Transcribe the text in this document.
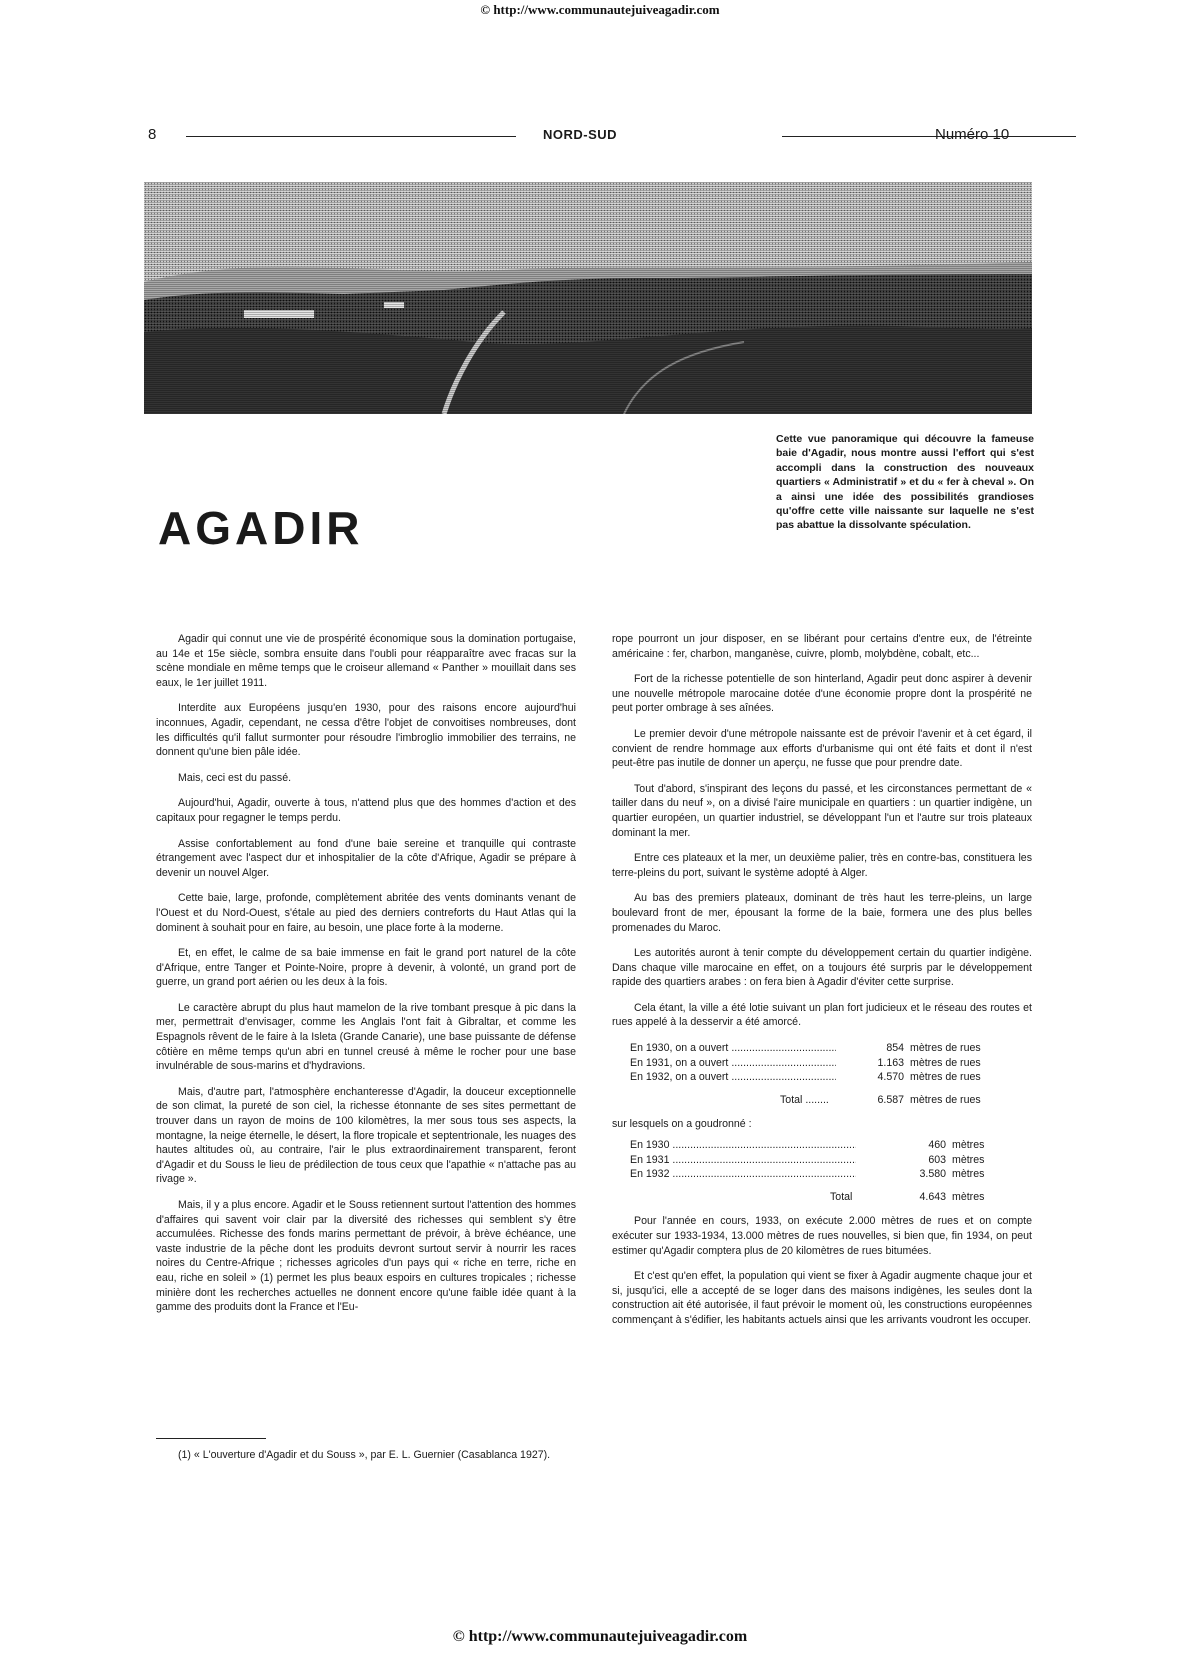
© http://www.communautejuiveagadir.com
8	NORD-SUD	Numéro 10
Cette vue panoramique qui découvre la fameuse baie d'Agadir, nous montre aussi l'effort qui s'est accompli dans la construction des nouveaux quartiers « Administratif » et du « fer à cheval ». On a ainsi une idée des possibilités grandioses qu'offre cette ville naissante sur laquelle ne s'est pas abattue la dissolvante spéculation.
AGADIR

Agadir qui connut une vie de prospérité économique sous la domination portugaise, au 14e et 15e siècle, sombra ensuite dans l'oubli pour réapparaître avec fracas sur la scène mondiale en même temps que le croiseur allemand « Panther » mouillait dans ses eaux, le 1er juillet 1911.

Interdite aux Européens jusqu'en 1930, pour des raisons encore aujourd'hui inconnues, Agadir, cependant, ne cessa d'être l'objet de convoitises nombreuses, dont les difficultés qu'il fallut surmonter pour résoudre l'imbroglio immobilier des terrains, ne donnent qu'une bien pâle idée.

Mais, ceci est du passé.

Aujourd'hui, Agadir, ouverte à tous, n'attend plus que des hommes d'action et des capitaux pour regagner le temps perdu.

Assise confortablement au fond d'une baie sereine et tranquille qui contraste étrangement avec l'aspect dur et inhospitalier de la côte d'Afrique, Agadir se prépare à devenir un nouvel Alger.

Cette baie, large, profonde, complètement abritée des vents dominants venant de l'Ouest et du Nord-Ouest, s'étale au pied des derniers contreforts du Haut Atlas qui la dominent à souhait pour en faire, au besoin, une place forte à la moderne.

Et, en effet, le calme de sa baie immense en fait le grand port naturel de la côte d'Afrique, entre Tanger et Pointe-Noire, propre à devenir, à volonté, un grand port de guerre, un grand port aérien ou les deux à la fois.

Le caractère abrupt du plus haut mamelon de la rive tombant presque à pic dans la mer, permettrait d'envisager, comme les Anglais l'ont fait à Gibraltar, et comme les Espagnols rêvent de le faire à la Isleta (Grande Canarie), une base puissante de défense côtière en même temps qu'un abri en tunnel creusé à même le rocher pour une base invulnérable de sous-marins et d'hydravions.

Mais, d'autre part, l'atmosphère enchanteresse d'Agadir, la douceur exceptionnelle de son climat, la pureté de son ciel, la richesse étonnante de ses sites permettant de trouver dans un rayon de moins de 100 kilomètres, la mer sous tous ses aspects, la montagne, la neige éternelle, le désert, la flore tropicale et septentrionale, les nuages des hautes altitudes où, au contraire, l'air le plus extraordinairement transparent, feront d'Agadir et du Souss le lieu de prédilection de tous ceux que l'apathie « n'attache pas au rivage ».

Mais, il y a plus encore. Agadir et le Souss retiennent surtout l'attention des hommes d'affaires qui savent voir clair par la diversité des richesses qui semblent s'y être accumulées. Richesse des fonds marins permettant de prévoir, à brève échéance, une vaste industrie de la pêche dont les produits devront surtout servir à nourrir les races noires du Centre-Afrique ; richesses agricoles d'un pays qui « riche en terre, riche en eau, riche en soleil » (1) permet les plus beaux espoirs en cultures tropicales ; richesse minière dont les recherches actuelles ne donnent encore qu'une faible idée quant à la gamme des produits dont la France et l'Eu-

(1) « L'ouverture d'Agadir et du Souss », par E. L. Guernier (Casablanca 1927).

rope pourront un jour disposer, en se libérant pour certains d'entre eux, de l'étreinte américaine : fer, charbon, manganèse, cuivre, plomb, molybdène, cobalt, etc...

Fort de la richesse potentielle de son hinterland, Agadir peut donc aspirer à devenir une nouvelle métropole marocaine dotée d'une économie propre dont la prospérité ne peut porter ombrage à ses aînées.

Le premier devoir d'une métropole naissante est de prévoir l'avenir et à cet égard, il convient de rendre hommage aux efforts d'urbanisme qui ont été faits et dont il n'est peut-être pas inutile de donner un aperçu, ne fusse que pour prendre date.

Tout d'abord, s'inspirant des leçons du passé, et les circonstances permettant de « tailler dans du neuf », on a divisé l'aire municipale en quartiers : un quartier indigène, un quartier européen, un quartier industriel, se développant l'un et l'autre sur trois plateaux dominant la mer.

Entre ces plateaux et la mer, un deuxième palier, très en contre-bas, constituera les terre-pleins du port, suivant le système adopté à Alger.

Au bas des premiers plateaux, dominant de très haut les terre-pleins, un large boulevard front de mer, épousant la forme de la baie, formera une des plus belles promenades du Maroc.

Les autorités auront à tenir compte du développement certain du quartier indigène. Dans chaque ville marocaine en effet, on a toujours été surpris par le développement rapide des quartiers arabes : on fera bien à Agadir d'éviter cette surprise.

Cela étant, la ville a été lotie suivant un plan fort judicieux et le réseau des routes et rues appelé à la desservir a été amorcé.

En 1930, on a ouvert .....	854 mètres de rues
En 1931, on a ouvert .....	1.163 mètres de rues
En 1932, on a ouvert .....	4.570 mètres de rues
Total .....	6.587 mètres de rues
sur lesquels on a goudronné :
En 1930 .....	460 mètres
En 1931 .....	603 mètres
En 1932 .....	3.580 mètres
Total .....	4.643 mètres

Pour l'année en cours, 1933, on exécute 2.000 mètres de rues et on compte exécuter sur 1933-1934, 13.000 mètres de rues nouvelles, si bien que, fin 1934, on peut estimer qu'Agadir comptera plus de 20 kilomètres de rues bitumées.

Et c'est qu'en effet, la population qui vient se fixer à Agadir augmente chaque jour et si, jusqu'ici, elle a accepté de se loger dans des maisons indigènes, les seules dont la construction ait été autorisée, il faut prévoir le moment où, les constructions européennes commençant à s'édifier, les habitants actuels ainsi que les arrivants voudront les occuper.

© http://www.communautejuiveagadir.com
